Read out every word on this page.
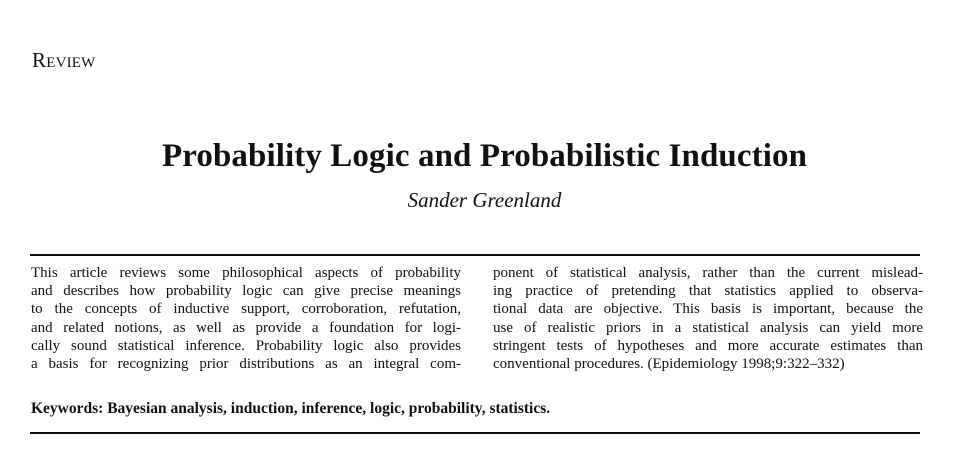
Review
Probability Logic and Probabilistic Induction
Sander Greenland
This article reviews some philosophical aspects of probability
and describes how probability logic can give precise meanings
to the concepts of inductive support, corroboration, refutation,
and related notions, as well as provide a foundation for logi-
cally sound statistical inference. Probability logic also provides
a basis for recognizing prior distributions as an integral com-
ponent of statistical analysis, rather than the current mislead-
ing practice of pretending that statistics applied to observa-
tional data are objective. This basis is important, because the
use of realistic priors in a statistical analysis can yield more
stringent tests of hypotheses and more accurate estimates than
conventional procedures. (Epidemiology 1998;9:322–332)
Keywords: Bayesian analysis, induction, inference, logic, probability, statistics.
